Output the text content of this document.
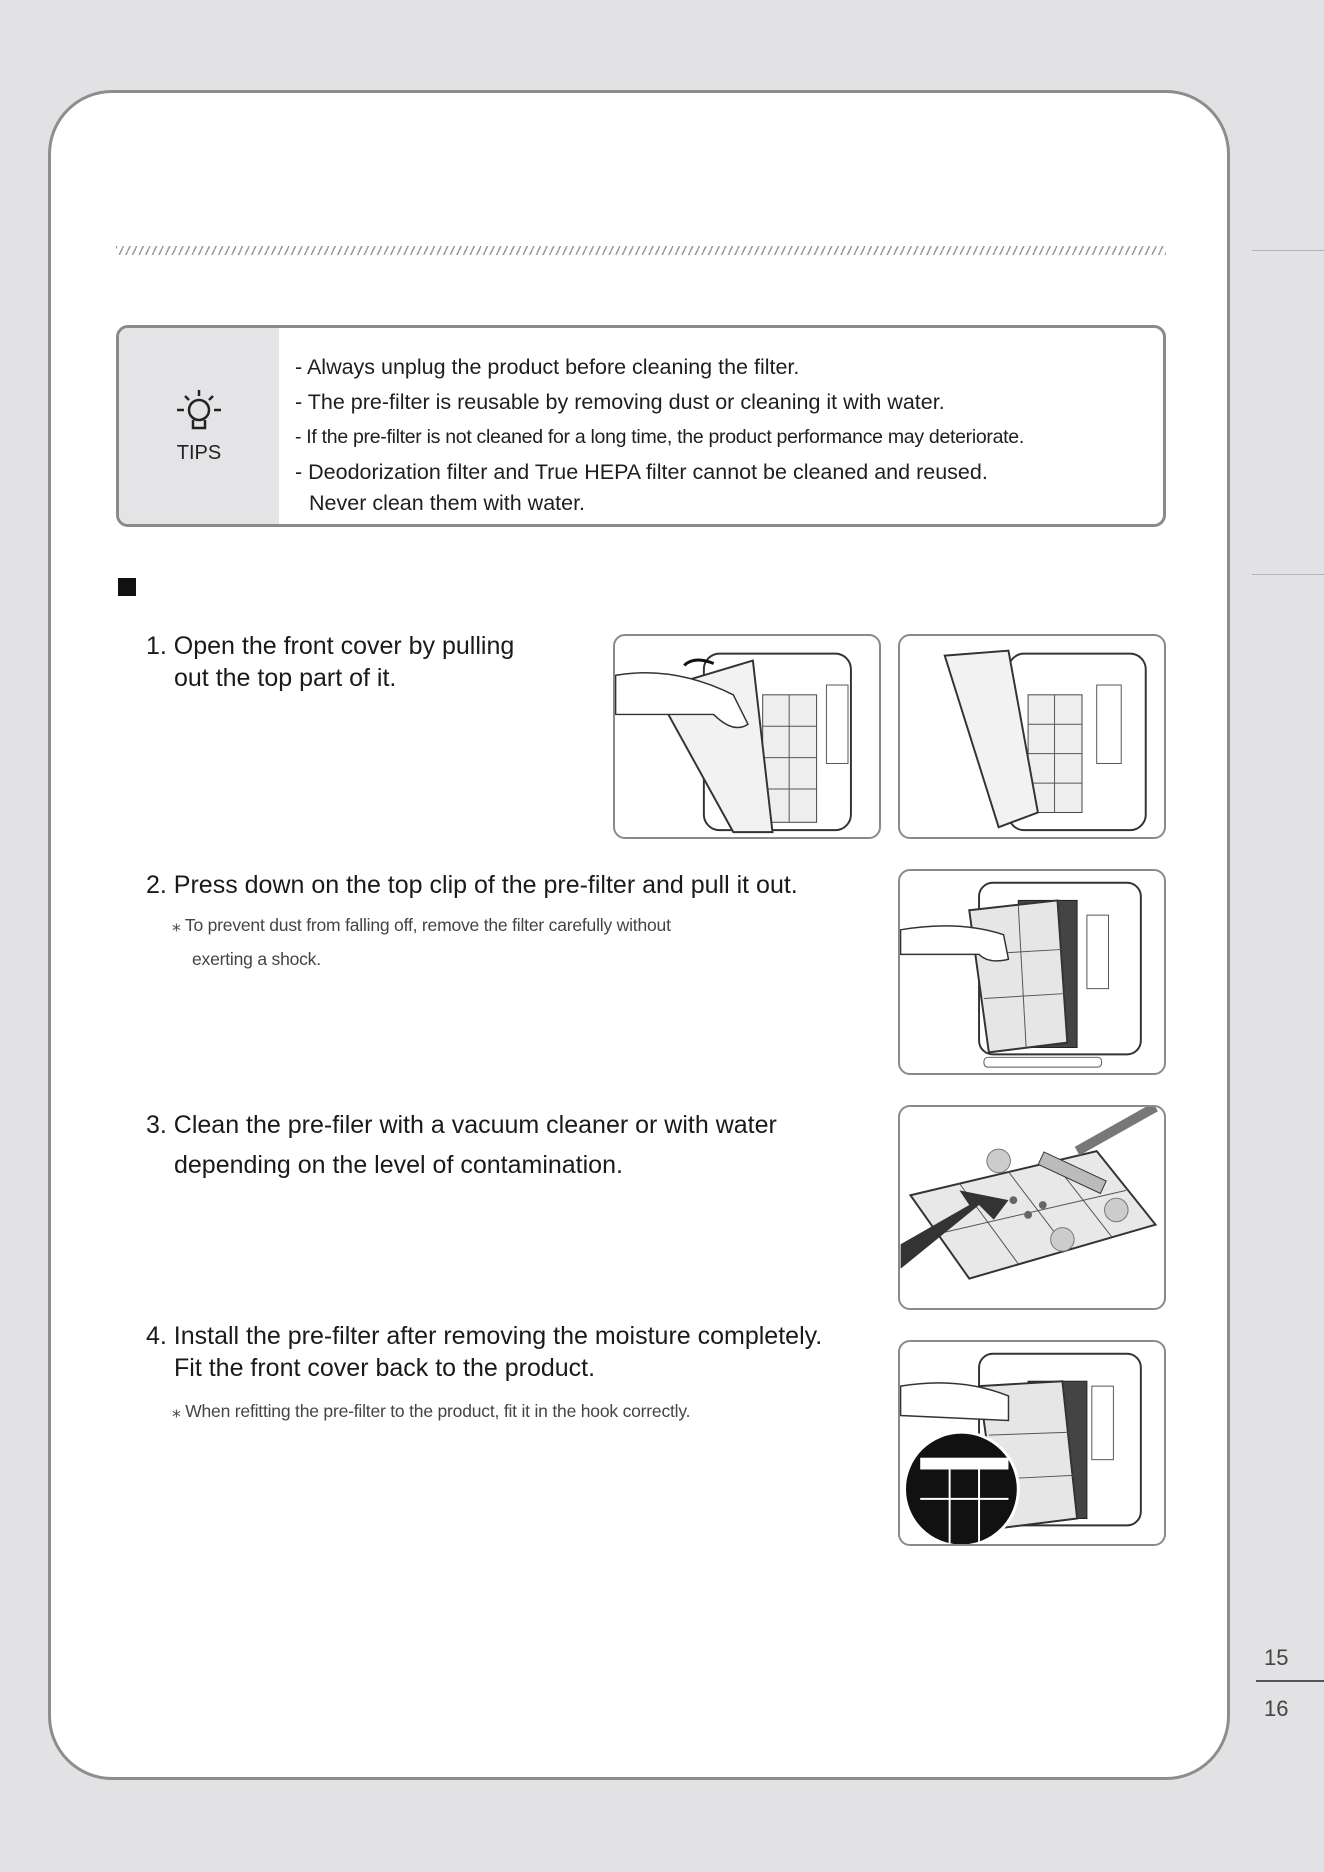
TIPS
- Always unplug the product before cleaning the filter.
- The pre-filter is reusable by removing dust or cleaning it with water.
- If the pre-filter is not cleaned for a long time, the product performance may deteriorate.
- Deodorization filter and True HEPA filter cannot be cleaned and reused.
Never clean them with water.
1. Open the front cover by pulling
out the top part of it.
2. Press down on the top clip of the pre-filter and pull it out.
⁎ To prevent dust from falling off, remove the filter carefully without
exerting a shock.
3. Clean the pre-filer with a vacuum cleaner or with water
depending on the level of contamination.
4. Install the pre-filter after removing the moisture completely.
Fit the front cover back to the product.
⁎ When refitting the pre-filter to the product, fit it in the hook correctly.
15
16
